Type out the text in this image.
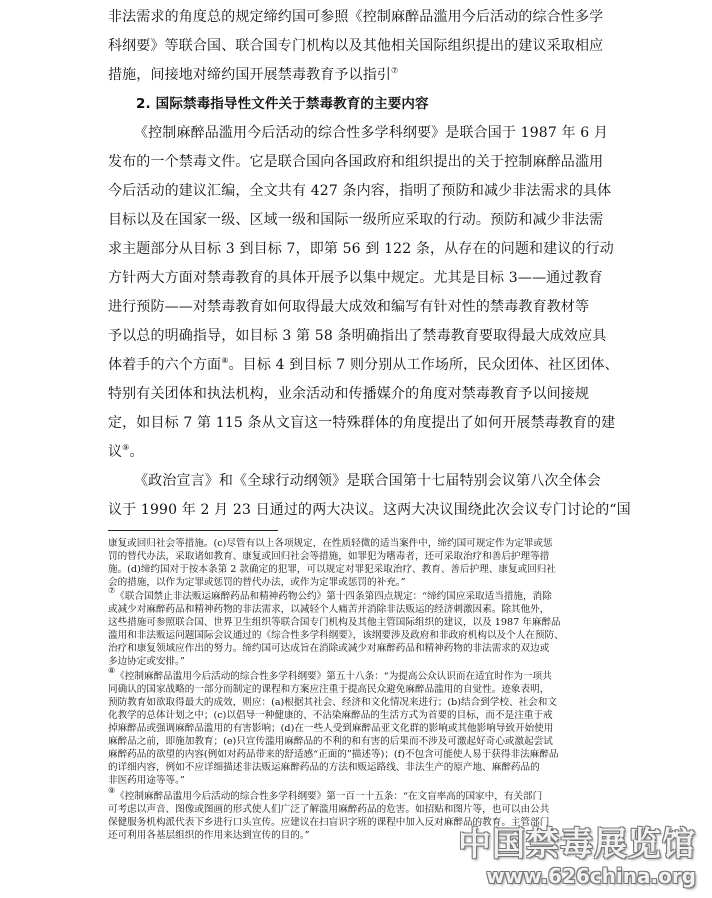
非法需求的角度总的规定缔约国可参照《控制麻醉品滥用今后活动的综合性多学
科纲要》等联合国、联合国专门机构以及其他相关国际组织提出的建议采取相应
措施，间接地对缔约国开展禁毒教育予以指引⑦
2. 国际禁毒指导性文件关于禁毒教育的主要内容
《控制麻醉品滥用今后活动的综合性多学科纲要》是联合国于 1987 年 6 月
发布的一个禁毒文件。它是联合国向各国政府和组织提出的关于控制麻醉品滥用
今后活动的建议汇编，全文共有 427 条内容，指明了预防和减少非法需求的具体
目标以及在国家一级、区域一级和国际一级所应采取的行动。预防和减少非法需
求主题部分从目标 3 到目标 7，即第 56 到 122 条，从存在的问题和建议的行动
方针两大方面对禁毒教育的具体开展予以集中规定。尤其是目标 3——通过教育
进行预防——对禁毒教育如何取得最大成效和编写有针对性的禁毒教育教材等
予以总的明确指导，如目标 3 第 58 条明确指出了禁毒教育要取得最大成效应具
体着手的六个方面⑧。目标 4 到目标 7 则分别从工作场所，民众团体、社区团体、
特别有关团体和执法机构，业余活动和传播媒介的角度对禁毒教育予以间接规
定，如目标 7 第 115 条从文盲这一特殊群体的角度提出了如何开展禁毒教育的建
议⑨。
《政治宣言》和《全球行动纲领》是联合国第十七届特别会议第八次全体会
议于 1990 年 2 月 23 日通过的两大决议。这两大决议围绕此次会议专门讨论的“国
康复或回归社会等措施。(c)尽管有以上各项规定，在性质轻微的适当案件中，缔约国可规定作为定罪或惩
罚的替代办法，采取诸如教育、康复或回归社会等措施，如罪犯为嗜毒者，还可采取治疗和善后护理等措
施。(d)缔约国对于按本条第 2 款确定的犯罪，可以规定对罪犯采取治疗、教育、善后护理、康复或回归社
会的措施，以作为定罪或惩罚的替代办法，或作为定罪或惩罚的补充。”
⑦《联合国禁止非法贩运麻醉药品和精神药物公约》第十四条第四点规定：“缔约国应采取适当措施，消除
或减少对麻醉药品和精神药物的非法需求，以减轻个人痛苦并消除非法贩运的经济刺激因素。除其他外，
这些措施可参照联合国、世界卫生组织等联合国专门机构及其他主管国际组织的建议，以及 1987 年麻醉品
滥用和非法贩运问题国际会议通过的《综合性多学科纲要》，该纲要涉及政府和非政府机构以及个人在预防、
治疗和康复领域应作出的努力。缔约国可达成旨在消除或减少对麻醉药品和精神药物的非法需求的双边或
多边协定或安排。”
⑧《控制麻醉品滥用今后活动的综合性多学科纲要》第五十八条：“为提高公众认识而在适宜时作为一项共
同确认的国家战略的一部分而制定的课程和方案应注重于提高民众避免麻醉品滥用的自觉性。迹象表明，
预防教育如欲取得最大的成效，则应：(a)根据其社会、经济和文化情况来进行；(b)结合到学校、社会和文
化教学的总体计划之中；(c)以倡导一种健康的、不沾染麻醉品的生活方式为首要的目标，而不是注重于戒
掉麻醉品或强调麻醉品滥用的有害影响；(d)在一些人受到麻醉品亚文化群的影响或其他影响导致开始使用
麻醉品之前，即施加教育；(e)只宣传滥用麻醉品的不利的和有害的后果而不涉及可激起好奇心或激起尝试
麻醉药品的欲望的内容(例如对药品带来的舒适感“正面的”描述等)；(f)不包含可能使人易于获得非法麻醉品
的详细内容，例如不应详细描述非法贩运麻醉药品的方法和贩运路线、非法生产的原产地、麻醉药品的
非医药用途等等。”
⑨《控制麻醉品滥用今后活动的综合性多学科纲要》第一百一十五条：“在文盲率高的国家中，有关部门
可考虑以声音、图像或图画的形式使人们广泛了解滥用麻醉药品的危害。如招贴和图片等，也可以由公共
保健服务机构派代表下乡进行口头宣传。应建议在扫盲识字班的课程中加入反对麻醉品的教育。主管部门
还可利用各基层组织的作用来达到宣传的目的。”	中国禁毒展览馆
www.626china.org
